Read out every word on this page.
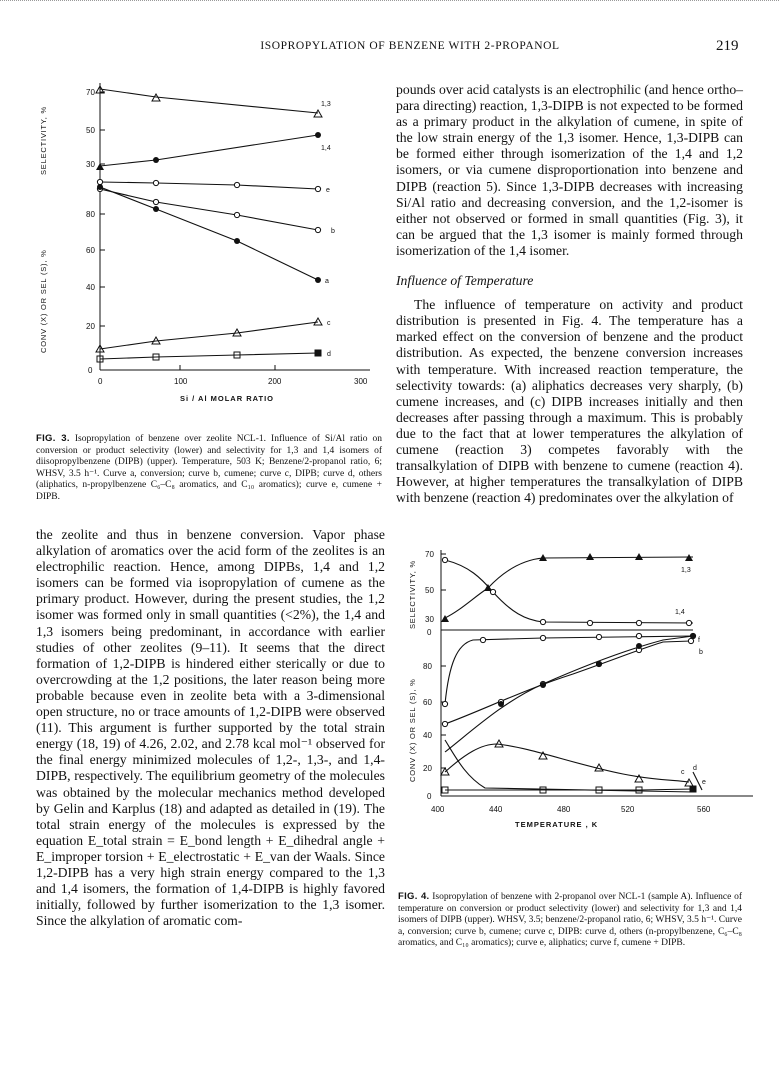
ISOPROPYLATION OF BENZENE WITH 2-PROPANOL	219
70
50
30
SELECTIVITY, %
1,3
1,4
80
60
40
20
0
CONV (X) OR SEL (S), %
0	100	200	300
Si / Al MOLAR RATIO
e
b
a
c
d
FIG. 3. Isopropylation of benzene over zeolite NCL-1. Influence of Si/Al ratio on conversion or product selectivity (lower) and selectivity for 1,3 and 1,4 isomers of diisopropylbenzene (DIPB) (upper). Temperature, 503 K; Benzene/2-propanol ratio, 6; WHSV, 3.5 h⁻¹. Curve a, conversion; curve b, cumene; curve c, DIPB; curve d, others (aliphatics, n-propylbenzene C₆–C₈ aromatics, and C₁₀ aromatics); curve e, cumene + DIPB.

the zeolite and thus in benzene conversion. Vapor phase alkylation of aromatics over the acid form of the zeolites is an electrophilic reaction. Hence, among DIPBs, 1,4 and 1,2 isomers can be formed via isopropylation of cumene as the primary product. However, during the present studies, the 1,2 isomer was formed only in small quantities (<2%), the 1,4 and 1,3 isomers being predominant, in accordance with earlier studies of other zeolites (9–11). It seems that the direct formation of 1,2-DIPB is hindered either sterically or due to overcrowding at the 1,2 positions, the later reason being more probable because even in zeolite beta with a 3-dimensional open structure, no or trace amounts of 1,2-DIPB were observed (11). This argument is further supported by the total strain energy (18, 19) of 4.26, 2.02, and 2.78 kcal mol⁻¹ observed for the final energy minimized molecules of 1,2-, 1,3-, and 1,4-DIPB, respectively. The equilibrium geometry of the molecules was obtained by the molecular mechanics method developed by Gelin and Karplus (18) and adapted as detailed in (19). The total strain energy of the molecules is expressed by the equation E_total strain = E_bond length + E_dihedral angle + E_improper torsion + E_electrostatic + E_van der Waals. Since 1,2-DIPB has a very high strain energy compared to the 1,3 and 1,4 isomers, the formation of 1,4-DIPB is highly favored initially, followed by further isomerization to the 1,3 isomer. Since the alkylation of aromatic com-

pounds over acid catalysts is an electrophilic (and hence ortho–para directing) reaction, 1,3-DIPB is not expected to be formed as a primary product in the alkylation of cumene, in spite of the low strain energy of the 1,3 isomer. Hence, 1,3-DIPB can be formed either through isomerization of the 1,4 and 1,2 isomers, or via cumene disproportionation into benzene and DIPB (reaction 5). Since 1,3-DIPB decreases with increasing Si/Al ratio and decreasing conversion, and the 1,2-isomer is either not observed or formed in small quantities (Fig. 3), it can be argued that the 1,3 isomer is mainly formed through isomerization of the 1,4 isomer.

Influence of Temperature

The influence of temperature on activity and product distribution is presented in Fig. 4. The temperature has a marked effect on the conversion of benzene and the product distribution. As expected, the benzene conversion increases with temperature. With increased reaction temperature, the selectivity towards: (a) aliphatics decreases very sharply, (b) cumene increases, and (c) DIPB increases initially and then decreases after passing through a maximum. This is probably due to the fact that at lower temperatures the alkylation of cumene (reaction 3) competes favorably with the transalkylation of DIPB with benzene to cumene (reaction 4). However, at higher temperatures the transalkylation of DIPB with benzene (reaction 4) predominates over the alkylation of

70
50
30
SELECTIVITY, %	1,3
1,4
0
80
60
40
20
0
CONV (X) OR SEL (S), %
400	440	480	520	560
TEMPERATURE , K
f
b
c
d
e
FIG. 4. Isopropylation of benzene with 2-propanol over NCL-1 (sample A). Influence of temperature on conversion or product selectivity (lower) and selectivity for 1,3 and 1,4 isomers of DIPB (upper). WHSV, 3.5; benzene/2-propanol ratio, 6; WHSV, 3.5 h⁻¹. Curve a, conversion; curve b, cumene; curve c, DIPB: curve d, others (n-propylbenzene, C₆–C₈ aromatics, and C₁₀ aromatics); curve e, aliphatics; curve f, cumene + DIPB.
